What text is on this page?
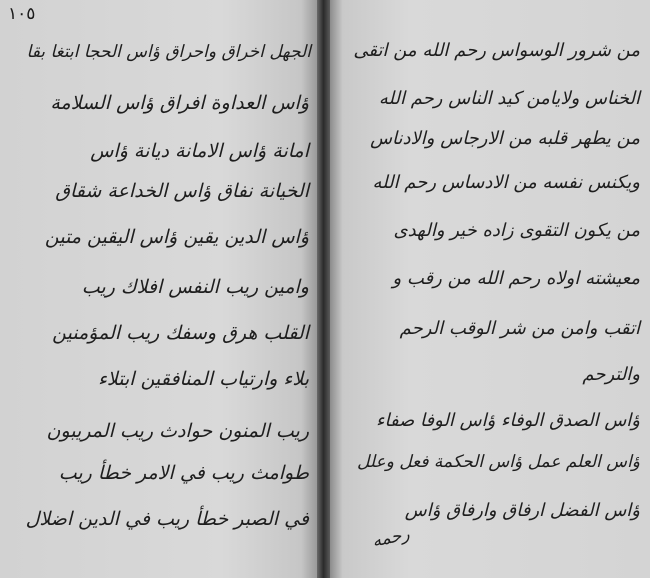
١٠٥
الجهل اخراق واحراق ؤاس الحجا ابتغا بقا
ؤاس العداوة افراق ؤاس السلامة
امانة ؤاس الامانة ديانة ؤاس
الخيانة نفاق ؤاس الخداعة شقاق
ؤاس الدين يقين ؤاس اليقين متين
وامين ريب النفس افلاك ريب
القلب هرق وسفك ريب المؤمنين
بلاء وارتياب المنافقين ابتلاء
ريب المنون حوادث ريب المريبون
طوامث ريب في الامر خطأ ريب
في الصبر خطأ ريب في الدين اضلال
من شرور الوسواس رحم الله من اتقى
الخناس ولايامن كيد الناس رحم الله
من يطهر قلبه من الارجاس والادناس
ويكنس نفسه من الادساس رحم الله
من يكون التقوى زاده خير والهدى
معيشته اولاه رحم الله من رقب و
اتقب وامن من شر الوقب الرحم
والترحم
ؤاس الصدق الوفاء ؤاس الوفا صفاء
ؤاس العلم عمل ؤاس الحكمة فعل وعلل
ؤاس الفضل ارفاق وارفاق ؤاس
رحمه
